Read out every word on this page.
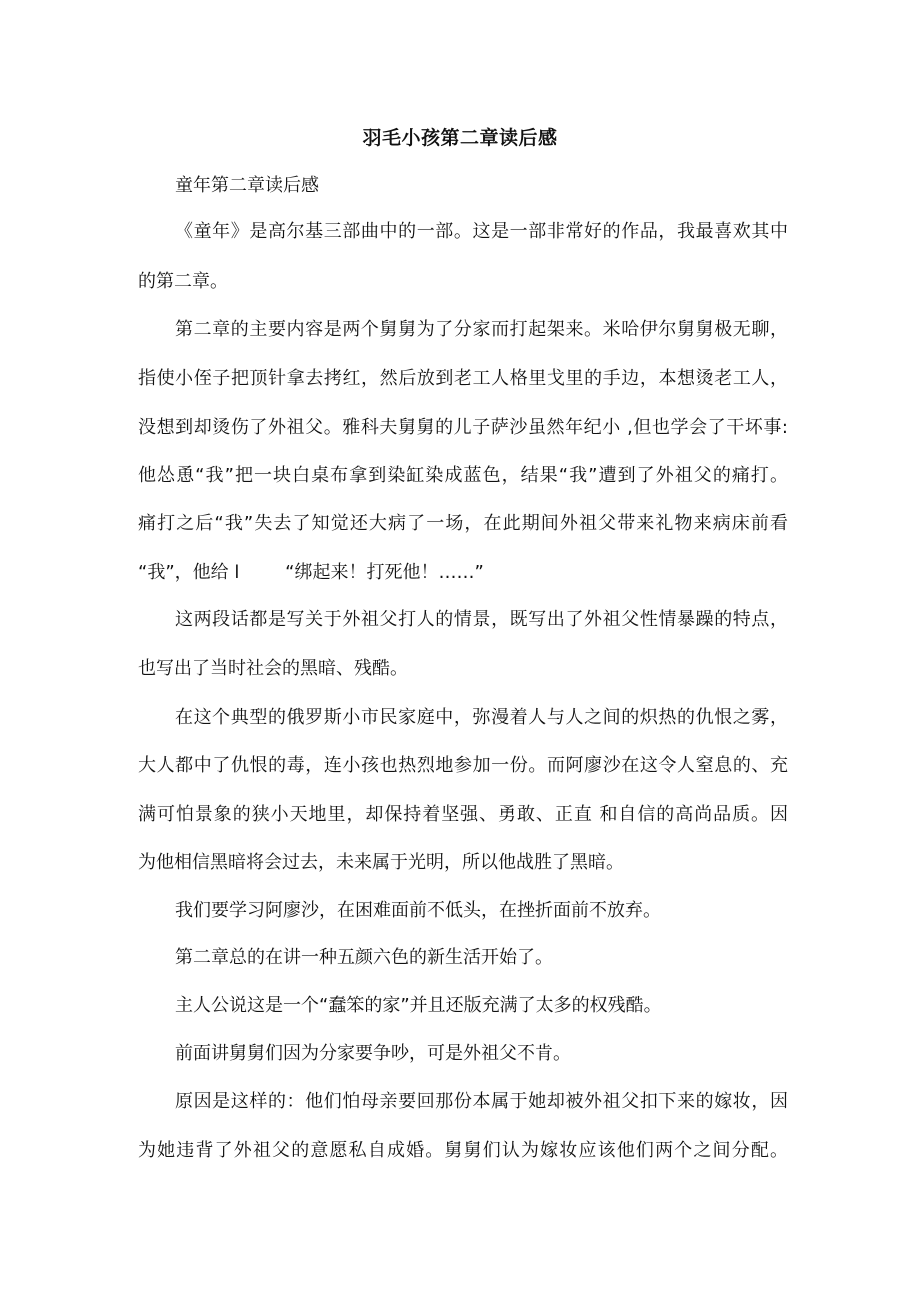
羽毛小孩第二章读后感
童年第二章读后感
《童年》是高尔基三部曲中的一部。这是一部非常好的作品，我最喜欢其中
的第二章。
第二章的主要内容是两个舅舅为了分家而打起架来。米哈伊尔舅舅极无聊，
指使小侄子把顶针拿去拷红，然后放到老工人格里戈里的手边，本想烫老工人，
没想到却烫伤了外祖父。雅科夫舅舅的儿子萨沙虽然年纪小 ,但也学会了干坏事:
他怂恿“我”把一块白桌布拿到染缸染成蓝色，结果“我”遭到了外祖父的痛打。
痛打之后“我”失去了知觉还大病了一场，在此期间外祖父带来礼物来病床前看
“我”，他给 l        “绑起来！打死他！……”
这两段话都是写关于外祖父打人的情景，既写出了外祖父性情暴躁的特点，
也写出了当时社会的黑暗、残酷。
在这个典型的俄罗斯小市民家庭中，弥漫着人与人之间的炽热的仇恨之雾，
大人都中了仇恨的毒，连小孩也热烈地参加一份。而阿廖沙在这令人窒息的、充
满可怕景象的狭小天地里，却保持着坚强、勇敢、正直 和自信的高尚品质。因
为他相信黑暗将会过去，未来属于光明，所以他战胜了黑暗。
我们要学习阿廖沙，在困难面前不低头，在挫折面前不放弃。
第二章总的在讲一种五颜六色的新生活开始了。
主人公说这是一个“蠢笨的家”并且还版充满了太多的权残酷。
前面讲舅舅们因为分家要争吵，可是外祖父不肯。
原因是这样的：他们怕母亲要回那份本属于她却被外祖父扣下来的嫁妆，因
为她违背了外祖父的意愿私自成婚。舅舅们认为嫁妆应该他们两个之间分配。
